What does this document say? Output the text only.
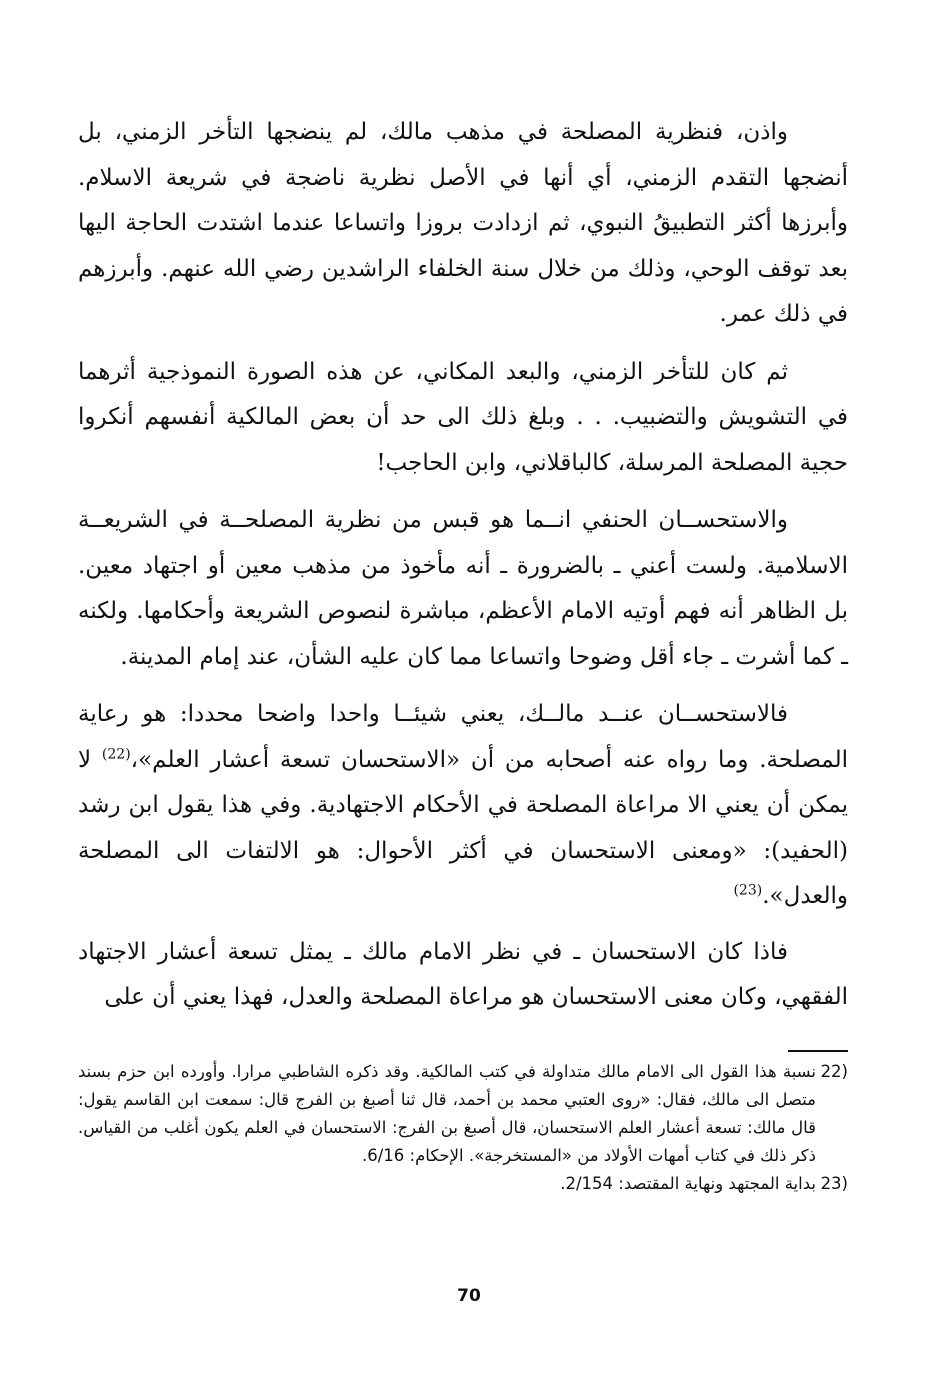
واذن، فنظرية المصلحة في مذهب مالك، لم ينضجها التأخر الزمني، بل أنضجها التقدم الزمني، أي أنها في الأصل نظرية ناضجة في شريعة الاسلام. وأبرزها أكثر التطبيقُ النبوي، ثم ازدادت بروزا واتساعا عندما اشتدت الحاجة اليها بعد توقف الوحي، وذلك من خلال سنة الخلفاء الراشدين رضي الله عنهم. وأبرزهم في ذلك عمر.

ثم كان للتأخر الزمني، والبعد المكاني، عن هذه الصورة النموذجية أثرهما في التشويش والتضبيب. . . وبلغ ذلك الى حد أن بعض المالكية أنفسهم أنكروا حجية المصلحة المرسلة، كالباقلاني، وابن الحاجب!

والاستحســان الحنفي انــما هو قبس من نظرية المصلحــة في الشريعــة الاسلامية. ولست أعني ـ بالضرورة ـ أنه مأخوذ من مذهب معين أو اجتهاد معين. بل الظاهر أنه فهم أوتيه الامام الأعظم، مباشرة لنصوص الشريعة وأحكامها. ولكنه ـ كما أشرت ـ جاء أقل وضوحا واتساعا مما كان عليه الشأن، عند إمام المدينة.

فالاستحســان عنــد مالــك، يعني شيئــا واحدا واضحا محددا: هو رعاية المصلحة. وما رواه عنه أصحابه من أن «الاستحسان تسعة أعشار العلم»،$^{(22)}$ لا يمكن أن يعني الا مراعاة المصلحة في الأحكام الاجتهادية. وفي هذا يقول ابن رشد (الحفيد): «ومعنى الاستحسان في أكثر الأحوال: هو الالتفات الى المصلحة والعدل».$^{(23)}$

فاذا كان الاستحسان ـ في نظر الامام مالك ـ يمثل تسعة أعشار الاجتهاد الفقهي، وكان معنى الاستحسان هو مراعاة المصلحة والعدل، فهذا يعني أن على

22)
نسبة هذا القول الى الامام مالك متداولة في كتب المالكية. وقد ذكره الشاطبي مرارا. وأورده ابن حزم بسند متصل الى مالك، فقال: «روى العتبي محمد بن أحمد، قال ثنا أصبغ بن الفرج قال: سمعت ابن القاسم يقول: قال مالك: تسعة أعشار العلم الاستحسان، قال أصبغ بن الفرج: الاستحسان في العلم يكون أغلب من القياس. ذكر ذلك في كتاب أمهات الأولاد من «المستخرجة». الإحكام: 6/16.
23)
بداية المجتهد ونهاية المقتصد: 2/154.
70
